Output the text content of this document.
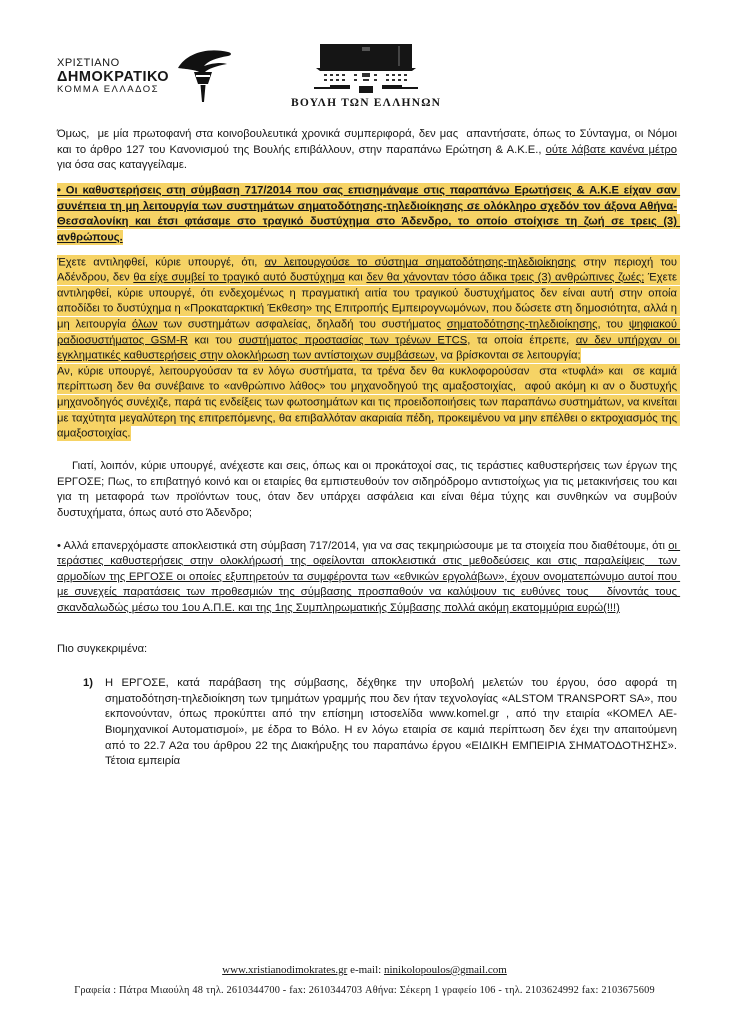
ΧΡΙΣΤΙΑΝΟ
ΔΗΜΟΚΡΑΤΙΚΟ
ΚΟΜΜΑ ΕΛΛΑΔΟΣ
ΒΟΥΛΗ ΤΩΝ ΕΛΛΗΝΩΝ

Όμως,  με μία πρωτοφανή στα κοινοβουλευτικά χρονικά συμπεριφορά, δεν μας  απαντήσατε, όπως το Σύνταγμα, οι Νόμοι και το άρθρο 127 του Κανονισμού της Βουλής επιβάλλουν, στην παραπάνω Ερώτηση & Α.Κ.Ε., ούτε λάβατε κανένα μέτρο για όσα σας καταγγείλαμε.

• Οι καθυστερήσεις στη σύμβαση 717/2014 που σας επισημάναμε στις παραπάνω Ερωτήσεις & Α.Κ.Ε είχαν σαν συνέπεια τη μη λειτουργία των συστημάτων σηματοδότησης-τηλεδιοίκησης σε ολόκληρο σχεδόν τον άξονα Αθήνα-Θεσσαλονίκη και έτσι φτάσαμε στο τραγικό δυστύχημα στο Άδενδρο, το οποίο στοίχισε τη ζωή σε τρεις (3) ανθρώπους.

Έχετε αντιληφθεί, κύριε υπουργέ, ότι, αν λειτουργούσε το σύστημα σηματοδότησης-τηλεδιοίκησης στην περιοχή του Αδένδρου, δεν θα είχε συμβεί το τραγικό αυτό δυστύχημα και δεν θα χάνονταν τόσο άδικα τρεις (3) ανθρώπινες ζωές; Έχετε αντιληφθεί, κύριε υπουργέ, ότι ενδεχομένως η πραγματική αιτία του τραγικού δυστυχήματος δεν είναι αυτή στην οποία αποδίδει το δυστύχημα η «Προκαταρκτική Έκθεση» της Επιτροπής Εμπειρογνωμόνων, που δώσετε στη δημοσιότητα, αλλά η μη λειτουργία όλων των συστημάτων ασφαλείας, δηλαδή του συστήματος σηματοδότησης-τηλεδιοίκησης, του ψηφιακού ραδιοσυστήματος GSM-R και του συστήματος προστασίας των τρένων ETCS, τα οποία έπρεπε, αν δεν υπήρχαν οι εγκληματικές καθυστερήσεις στην ολοκλήρωση των αντίστοιχων συμβάσεων, να βρίσκονται σε λειτουργία;

Αν, κύριε υπουργέ, λειτουργούσαν τα εν λόγω συστήματα, τα τρένα δεν θα κυκλοφορούσαν  στα «τυφλά» και  σε καμιά περίπτωση δεν θα συνέβαινε το «ανθρώπινο λάθος» του μηχανοδηγού της αμαξοστοιχίας,  αφού ακόμη κι αν ο δυστυχής μηχανοδηγός συνέχιζε, παρά τις ενδείξεις των φωτοσημάτων και τις προειδοποιήσεις των παραπάνω συστημάτων, να κινείται με ταχύτητα μεγαλύτερη της επιτρεπόμενης, θα επιβαλλόταν ακαριαία πέδη, προκειμένου να μην επέλθει ο εκτροχιασμός της αμαξοστοιχίας.

Γιατί, λοιπόν, κύριε υπουργέ, ανέχεστε και σεις, όπως και οι προκάτοχοί σας, τις τεράστιες καθυστερήσεις των έργων της ΕΡΓΟΣΕ; Πως, το επιβατηγό κοινό και οι εταιρίες θα εμπιστευθούν τον σιδηρόδρομο αντιστοίχως για τις μετακινήσεις του και για τη μεταφορά των προϊόντων τους, όταν δεν υπάρχει ασφάλεια και είναι θέμα τύχης και συνθηκών να συμβούν δυστυχήματα, όπως αυτό στο Άδενδρο;

• Αλλά επανερχόμαστε αποκλειστικά στη σύμβαση 717/2014, για να σας τεκμηριώσουμε με τα στοιχεία που διαθέτουμε, ότι οι τεράστιες καθυστερήσεις στην ολοκλήρωσή της οφείλονται αποκλειστικά στις μεθοδεύσεις και στις παραλείψεις  των αρμοδίων της ΕΡΓΟΣΕ οι οποίες εξυπηρετούν τα συμφέροντα των «εθνικών εργολάβων», έχουν ονοματεπώνυμο αυτοί που με συνεχείς παρατάσεις των προθεσμιών της σύμβασης προσπαθούν να καλύψουν τις ευθύνες τους   δίνοντάς τους σκανδαλωδώς μέσω του 1ου Α.Π.Ε. και της 1ης Συμπληρωματικής Σύμβασης πολλά ακόμη εκατομμύρια ευρώ(!!!)

Πιο συγκεκριμένα:

1) Η ΕΡΓΟΣΕ, κατά παράβαση της σύμβασης, δέχθηκε την υποβολή μελετών του έργου, όσο αφορά τη σηματοδότηση-τηλεδιοίκηση των τμημάτων γραμμής που δεν ήταν τεχνολογίας «ALSTOM TRANSPORT SA», που εκπονούνταν, όπως προκύπτει από την επίσημη ιστοσελίδα www.komel.gr , από την εταιρία «ΚΟΜΕΛ ΑΕ-Βιομηχανικοί Αυτοματισμοί», με έδρα το Βόλο. Η εν λόγω εταιρία σε καμιά περίπτωση δεν έχει την απαιτούμενη από το 22.7 Α2α του άρθρου 22 της Διακήρυξης του παραπάνω έργου «ΕΙΔΙΚΗ ΕΜΠΕΙΡΙΑ ΣΗΜΑΤΟΔΟΤΗΣΗΣ». Τέτοια εμπειρία

www.xristianodimokrates.gr e-mail: ninikolopoulos@gmail.com
Γραφεία : Πάτρα Μιαούλη 48 τηλ. 2610344700 - fax: 2610344703 Αθήνα: Σέκερη 1 γραφείο 106 - τηλ. 2103624992 fax: 2103675609
